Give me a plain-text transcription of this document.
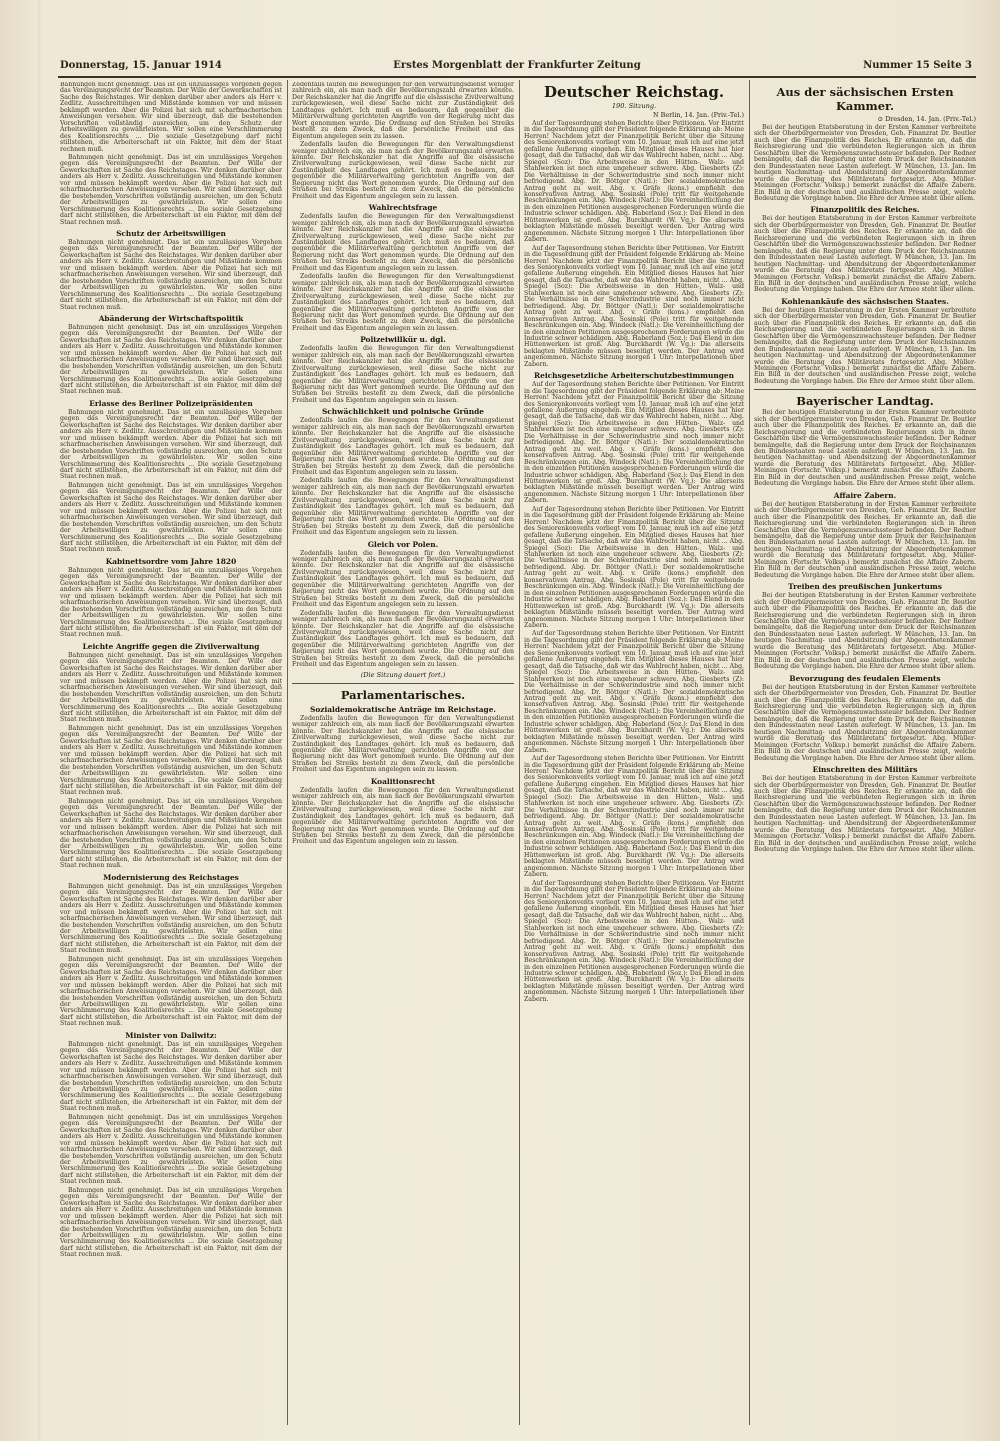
Donnerstag, 15. Januar 1914	Erstes Morgenblatt der Frankfurter Zeitung	Nummer 15 Seite 3

Bahnungen nicht genehmigt. Das ist ein unzulässiges Vorgehen gegen das Vereinigungsrecht der Beamten. Der Wille der Gewerkschaften ist Sache des Reichstages. Wir denken darüber aber anders als Herr v. Zedlitz. Ausschreitungen und Mißstände kommen vor und müssen bekämpft werden. Aber die Polizei hat sich mit scharfmacherischen Anweisungen versehen. Wir sind überzeugt, daß die bestehenden Vorschriften vollständig ausreichen, um den Schutz der Arbeitswilligen zu gewährleisten. Wir sollen eine Verschlimmerung des Koalitionsrechts ... Die soziale Gesetzgebung darf nicht stillstehen, die Arbeiterschaft ist ein Faktor, mit dem der Staat rechnen muß.

Bahnungen nicht genehmigt. Das ist ein unzulässiges Vorgehen gegen das Vereinigungsrecht der Beamten. Der Wille der Gewerkschaften ist Sache des Reichstages. Wir denken darüber aber anders als Herr v. Zedlitz. Ausschreitungen und Mißstände kommen vor und müssen bekämpft werden. Aber die Polizei hat sich mit scharfmacherischen Anweisungen versehen. Wir sind überzeugt, daß die bestehenden Vorschriften vollständig ausreichen, um den Schutz der Arbeitswilligen zu gewährleisten. Wir sollen eine Verschlimmerung des Koalitionsrechts ... Die soziale Gesetzgebung darf nicht stillstehen, die Arbeiterschaft ist ein Faktor, mit dem der Staat rechnen muß.

Schutz der Arbeitswilligen

Bahnungen nicht genehmigt. Das ist ein unzulässiges Vorgehen gegen das Vereinigungsrecht der Beamten. Der Wille der Gewerkschaften ist Sache des Reichstages. Wir denken darüber aber anders als Herr v. Zedlitz. Ausschreitungen und Mißstände kommen vor und müssen bekämpft werden. Aber die Polizei hat sich mit scharfmacherischen Anweisungen versehen. Wir sind überzeugt, daß die bestehenden Vorschriften vollständig ausreichen, um den Schutz der Arbeitswilligen zu gewährleisten. Wir sollen eine Verschlimmerung des Koalitionsrechts ... Die soziale Gesetzgebung darf nicht stillstehen, die Arbeiterschaft ist ein Faktor, mit dem der Staat rechnen muß.

Abänderung der Wirtschaftspolitik

Bahnungen nicht genehmigt. Das ist ein unzulässiges Vorgehen gegen das Vereinigungsrecht der Beamten. Der Wille der Gewerkschaften ist Sache des Reichstages. Wir denken darüber aber anders als Herr v. Zedlitz. Ausschreitungen und Mißstände kommen vor und müssen bekämpft werden. Aber die Polizei hat sich mit scharfmacherischen Anweisungen versehen. Wir sind überzeugt, daß die bestehenden Vorschriften vollständig ausreichen, um den Schutz der Arbeitswilligen zu gewährleisten. Wir sollen eine Verschlimmerung des Koalitionsrechts ... Die soziale Gesetzgebung darf nicht stillstehen, die Arbeiterschaft ist ein Faktor, mit dem der Staat rechnen muß.

Erlasse des Berliner Polizeipräsidenten

Bahnungen nicht genehmigt. Das ist ein unzulässiges Vorgehen gegen das Vereinigungsrecht der Beamten. Der Wille der Gewerkschaften ist Sache des Reichstages. Wir denken darüber aber anders als Herr v. Zedlitz. Ausschreitungen und Mißstände kommen vor und müssen bekämpft werden. Aber die Polizei hat sich mit scharfmacherischen Anweisungen versehen. Wir sind überzeugt, daß die bestehenden Vorschriften vollständig ausreichen, um den Schutz der Arbeitswilligen zu gewährleisten. Wir sollen eine Verschlimmerung des Koalitionsrechts ... Die soziale Gesetzgebung darf nicht stillstehen, die Arbeiterschaft ist ein Faktor, mit dem der Staat rechnen muß.

Bahnungen nicht genehmigt. Das ist ein unzulässiges Vorgehen gegen das Vereinigungsrecht der Beamten. Der Wille der Gewerkschaften ist Sache des Reichstages. Wir denken darüber aber anders als Herr v. Zedlitz. Ausschreitungen und Mißstände kommen vor und müssen bekämpft werden. Aber die Polizei hat sich mit scharfmacherischen Anweisungen versehen. Wir sind überzeugt, daß die bestehenden Vorschriften vollständig ausreichen, um den Schutz der Arbeitswilligen zu gewährleisten. Wir sollen eine Verschlimmerung des Koalitionsrechts ... Die soziale Gesetzgebung darf nicht stillstehen, die Arbeiterschaft ist ein Faktor, mit dem der Staat rechnen muß.

Kabinettsordre vom Jahre 1820

Bahnungen nicht genehmigt. Das ist ein unzulässiges Vorgehen gegen das Vereinigungsrecht der Beamten. Der Wille der Gewerkschaften ist Sache des Reichstages. Wir denken darüber aber anders als Herr v. Zedlitz. Ausschreitungen und Mißstände kommen vor und müssen bekämpft werden. Aber die Polizei hat sich mit scharfmacherischen Anweisungen versehen. Wir sind überzeugt, daß die bestehenden Vorschriften vollständig ausreichen, um den Schutz der Arbeitswilligen zu gewährleisten. Wir sollen eine Verschlimmerung des Koalitionsrechts ... Die soziale Gesetzgebung darf nicht stillstehen, die Arbeiterschaft ist ein Faktor, mit dem der Staat rechnen muß.

Leichte Angriffe gegen die Zivilverwaltung

Bahnungen nicht genehmigt. Das ist ein unzulässiges Vorgehen gegen das Vereinigungsrecht der Beamten. Der Wille der Gewerkschaften ist Sache des Reichstages. Wir denken darüber aber anders als Herr v. Zedlitz. Ausschreitungen und Mißstände kommen vor und müssen bekämpft werden. Aber die Polizei hat sich mit scharfmacherischen Anweisungen versehen. Wir sind überzeugt, daß die bestehenden Vorschriften vollständig ausreichen, um den Schutz der Arbeitswilligen zu gewährleisten. Wir sollen eine Verschlimmerung des Koalitionsrechts ... Die soziale Gesetzgebung darf nicht stillstehen, die Arbeiterschaft ist ein Faktor, mit dem der Staat rechnen muß.

Bahnungen nicht genehmigt. Das ist ein unzulässiges Vorgehen gegen das Vereinigungsrecht der Beamten. Der Wille der Gewerkschaften ist Sache des Reichstages. Wir denken darüber aber anders als Herr v. Zedlitz. Ausschreitungen und Mißstände kommen vor und müssen bekämpft werden. Aber die Polizei hat sich mit scharfmacherischen Anweisungen versehen. Wir sind überzeugt, daß die bestehenden Vorschriften vollständig ausreichen, um den Schutz der Arbeitswilligen zu gewährleisten. Wir sollen eine Verschlimmerung des Koalitionsrechts ... Die soziale Gesetzgebung darf nicht stillstehen, die Arbeiterschaft ist ein Faktor, mit dem der Staat rechnen muß.

Bahnungen nicht genehmigt. Das ist ein unzulässiges Vorgehen gegen das Vereinigungsrecht der Beamten. Der Wille der Gewerkschaften ist Sache des Reichstages. Wir denken darüber aber anders als Herr v. Zedlitz. Ausschreitungen und Mißstände kommen vor und müssen bekämpft werden. Aber die Polizei hat sich mit scharfmacherischen Anweisungen versehen. Wir sind überzeugt, daß die bestehenden Vorschriften vollständig ausreichen, um den Schutz der Arbeitswilligen zu gewährleisten. Wir sollen eine Verschlimmerung des Koalitionsrechts ... Die soziale Gesetzgebung darf nicht stillstehen, die Arbeiterschaft ist ein Faktor, mit dem der Staat rechnen muß.

Modernisierung des Reichstages

Bahnungen nicht genehmigt. Das ist ein unzulässiges Vorgehen gegen das Vereinigungsrecht der Beamten. Der Wille der Gewerkschaften ist Sache des Reichstages. Wir denken darüber aber anders als Herr v. Zedlitz. Ausschreitungen und Mißstände kommen vor und müssen bekämpft werden. Aber die Polizei hat sich mit scharfmacherischen Anweisungen versehen. Wir sind überzeugt, daß die bestehenden Vorschriften vollständig ausreichen, um den Schutz der Arbeitswilligen zu gewährleisten. Wir sollen eine Verschlimmerung des Koalitionsrechts ... Die soziale Gesetzgebung darf nicht stillstehen, die Arbeiterschaft ist ein Faktor, mit dem der Staat rechnen muß.

Bahnungen nicht genehmigt. Das ist ein unzulässiges Vorgehen gegen das Vereinigungsrecht der Beamten. Der Wille der Gewerkschaften ist Sache des Reichstages. Wir denken darüber aber anders als Herr v. Zedlitz. Ausschreitungen und Mißstände kommen vor und müssen bekämpft werden. Aber die Polizei hat sich mit scharfmacherischen Anweisungen versehen. Wir sind überzeugt, daß die bestehenden Vorschriften vollständig ausreichen, um den Schutz der Arbeitswilligen zu gewährleisten. Wir sollen eine Verschlimmerung des Koalitionsrechts ... Die soziale Gesetzgebung darf nicht stillstehen, die Arbeiterschaft ist ein Faktor, mit dem der Staat rechnen muß.

Minister von Dallwitz:

Bahnungen nicht genehmigt. Das ist ein unzulässiges Vorgehen gegen das Vereinigungsrecht der Beamten. Der Wille der Gewerkschaften ist Sache des Reichstages. Wir denken darüber aber anders als Herr v. Zedlitz. Ausschreitungen und Mißstände kommen vor und müssen bekämpft werden. Aber die Polizei hat sich mit scharfmacherischen Anweisungen versehen. Wir sind überzeugt, daß die bestehenden Vorschriften vollständig ausreichen, um den Schutz der Arbeitswilligen zu gewährleisten. Wir sollen eine Verschlimmerung des Koalitionsrechts ... Die soziale Gesetzgebung darf nicht stillstehen, die Arbeiterschaft ist ein Faktor, mit dem der Staat rechnen muß.

Bahnungen nicht genehmigt. Das ist ein unzulässiges Vorgehen gegen das Vereinigungsrecht der Beamten. Der Wille der Gewerkschaften ist Sache des Reichstages. Wir denken darüber aber anders als Herr v. Zedlitz. Ausschreitungen und Mißstände kommen vor und müssen bekämpft werden. Aber die Polizei hat sich mit scharfmacherischen Anweisungen versehen. Wir sind überzeugt, daß die bestehenden Vorschriften vollständig ausreichen, um den Schutz der Arbeitswilligen zu gewährleisten. Wir sollen eine Verschlimmerung des Koalitionsrechts ... Die soziale Gesetzgebung darf nicht stillstehen, die Arbeiterschaft ist ein Faktor, mit dem der Staat rechnen muß.

Bahnungen nicht genehmigt. Das ist ein unzulässiges Vorgehen gegen das Vereinigungsrecht der Beamten. Der Wille der Gewerkschaften ist Sache des Reichstages. Wir denken darüber aber anders als Herr v. Zedlitz. Ausschreitungen und Mißstände kommen vor und müssen bekämpft werden. Aber die Polizei hat sich mit scharfmacherischen Anweisungen versehen. Wir sind überzeugt, daß die bestehenden Vorschriften vollständig ausreichen, um den Schutz der Arbeitswilligen zu gewährleisten. Wir sollen eine Verschlimmerung des Koalitionsrechts ... Die soziale Gesetzgebung darf nicht stillstehen, die Arbeiterschaft ist ein Faktor, mit dem der Staat rechnen muß.

Zedenfalls laufen die Bewegungen für den Verwaltungsdienst weniger zahlreich ein, als man nach der Bevölkerungszahl erwarten könnte. Der Reichskanzler hat die Angriffe auf die elsässische Zivilverwaltung zurückgewiesen, weil diese Sache nicht zur Zuständigkeit des Landtages gehört. Ich muß es bedauern, daß gegenüber die Militärverwaltung gerichteten Angriffe von der Regierung nicht das Wort genommen wurde. Die Ordnung auf den Straßen bei Streiks besteht zu dem Zweck, daß die persönliche Freiheit und das Eigentum angelegen sein zu lassen.

Zedenfalls laufen die Bewegungen für den Verwaltungsdienst weniger zahlreich ein, als man nach der Bevölkerungszahl erwarten könnte. Der Reichskanzler hat die Angriffe auf die elsässische Zivilverwaltung zurückgewiesen, weil diese Sache nicht zur Zuständigkeit des Landtages gehört. Ich muß es bedauern, daß gegenüber die Militärverwaltung gerichteten Angriffe von der Regierung nicht das Wort genommen wurde. Die Ordnung auf den Straßen bei Streiks besteht zu dem Zweck, daß die persönliche Freiheit und das Eigentum angelegen sein zu lassen.

Wahlrechtsfrage

Zedenfalls laufen die Bewegungen für den Verwaltungsdienst weniger zahlreich ein, als man nach der Bevölkerungszahl erwarten könnte. Der Reichskanzler hat die Angriffe auf die elsässische Zivilverwaltung zurückgewiesen, weil diese Sache nicht zur Zuständigkeit des Landtages gehört. Ich muß es bedauern, daß gegenüber die Militärverwaltung gerichteten Angriffe von der Regierung nicht das Wort genommen wurde. Die Ordnung auf den Straßen bei Streiks besteht zu dem Zweck, daß die persönliche Freiheit und das Eigentum angelegen sein zu lassen.

Zedenfalls laufen die Bewegungen für den Verwaltungsdienst weniger zahlreich ein, als man nach der Bevölkerungszahl erwarten könnte. Der Reichskanzler hat die Angriffe auf die elsässische Zivilverwaltung zurückgewiesen, weil diese Sache nicht zur Zuständigkeit des Landtages gehört. Ich muß es bedauern, daß gegenüber die Militärverwaltung gerichteten Angriffe von der Regierung nicht das Wort genommen wurde. Die Ordnung auf den Straßen bei Streiks besteht zu dem Zweck, daß die persönliche Freiheit und das Eigentum angelegen sein zu lassen.

Polizeiwillkür u. dgl.

Zedenfalls laufen die Bewegungen für den Verwaltungsdienst weniger zahlreich ein, als man nach der Bevölkerungszahl erwarten könnte. Der Reichskanzler hat die Angriffe auf die elsässische Zivilverwaltung zurückgewiesen, weil diese Sache nicht zur Zuständigkeit des Landtages gehört. Ich muß es bedauern, daß gegenüber die Militärverwaltung gerichteten Angriffe von der Regierung nicht das Wort genommen wurde. Die Ordnung auf den Straßen bei Streiks besteht zu dem Zweck, daß die persönliche Freiheit und das Eigentum angelegen sein zu lassen.

Schwächlichkeit und polnische Gründe

Zedenfalls laufen die Bewegungen für den Verwaltungsdienst weniger zahlreich ein, als man nach der Bevölkerungszahl erwarten könnte. Der Reichskanzler hat die Angriffe auf die elsässische Zivilverwaltung zurückgewiesen, weil diese Sache nicht zur Zuständigkeit des Landtages gehört. Ich muß es bedauern, daß gegenüber die Militärverwaltung gerichteten Angriffe von der Regierung nicht das Wort genommen wurde. Die Ordnung auf den Straßen bei Streiks besteht zu dem Zweck, daß die persönliche Freiheit und das Eigentum angelegen sein zu lassen.

Zedenfalls laufen die Bewegungen für den Verwaltungsdienst weniger zahlreich ein, als man nach der Bevölkerungszahl erwarten könnte. Der Reichskanzler hat die Angriffe auf die elsässische Zivilverwaltung zurückgewiesen, weil diese Sache nicht zur Zuständigkeit des Landtages gehört. Ich muß es bedauern, daß gegenüber die Militärverwaltung gerichteten Angriffe von der Regierung nicht das Wort genommen wurde. Die Ordnung auf den Straßen bei Streiks besteht zu dem Zweck, daß die persönliche Freiheit und das Eigentum angelegen sein zu lassen.

Gleich vor Polen.

Zedenfalls laufen die Bewegungen für den Verwaltungsdienst weniger zahlreich ein, als man nach der Bevölkerungszahl erwarten könnte. Der Reichskanzler hat die Angriffe auf die elsässische Zivilverwaltung zurückgewiesen, weil diese Sache nicht zur Zuständigkeit des Landtages gehört. Ich muß es bedauern, daß gegenüber die Militärverwaltung gerichteten Angriffe von der Regierung nicht das Wort genommen wurde. Die Ordnung auf den Straßen bei Streiks besteht zu dem Zweck, daß die persönliche Freiheit und das Eigentum angelegen sein zu lassen.

Zedenfalls laufen die Bewegungen für den Verwaltungsdienst weniger zahlreich ein, als man nach der Bevölkerungszahl erwarten könnte. Der Reichskanzler hat die Angriffe auf die elsässische Zivilverwaltung zurückgewiesen, weil diese Sache nicht zur Zuständigkeit des Landtages gehört. Ich muß es bedauern, daß gegenüber die Militärverwaltung gerichteten Angriffe von der Regierung nicht das Wort genommen wurde. Die Ordnung auf den Straßen bei Streiks besteht zu dem Zweck, daß die persönliche Freiheit und das Eigentum angelegen sein zu lassen.

(Die Sitzung dauert fort.)
Parlamentarisches.
Sozialdemokratische Anträge im Reichstage.

Zedenfalls laufen die Bewegungen für den Verwaltungsdienst weniger zahlreich ein, als man nach der Bevölkerungszahl erwarten könnte. Der Reichskanzler hat die Angriffe auf die elsässische Zivilverwaltung zurückgewiesen, weil diese Sache nicht zur Zuständigkeit des Landtages gehört. Ich muß es bedauern, daß gegenüber die Militärverwaltung gerichteten Angriffe von der Regierung nicht das Wort genommen wurde. Die Ordnung auf den Straßen bei Streiks besteht zu dem Zweck, daß die persönliche Freiheit und das Eigentum angelegen sein zu lassen.

Koalitionsrecht

Zedenfalls laufen die Bewegungen für den Verwaltungsdienst weniger zahlreich ein, als man nach der Bevölkerungszahl erwarten könnte. Der Reichskanzler hat die Angriffe auf die elsässische Zivilverwaltung zurückgewiesen, weil diese Sache nicht zur Zuständigkeit des Landtages gehört. Ich muß es bedauern, daß gegenüber die Militärverwaltung gerichteten Angriffe von der Regierung nicht das Wort genommen wurde. Die Ordnung auf den Straßen bei Streiks besteht zu dem Zweck, daß die persönliche Freiheit und das Eigentum angelegen sein zu lassen.

Deutscher Reichstag.
190. Sitzung.
N Berlin, 14. Jan. (Priv.-Tel.)

Auf der Tagesordnung stehen Berichte über Petitionen. Vor Eintritt in die Tagesordnung gibt der Präsident folgende Erklärung ab: Meine Herren! Nachdem jetzt der Finanzpolitik Bericht über die Sitzung des Seniorenkonvents vorliegt vom 10. Januar, muß ich auf eine jetzt gefallene Äußerung eingehen. Ein Mitglied dieses Hauses hat hier gesagt, daß die Tatsache, daß wir das Wahlrecht haben, nicht ... Abg. Spiegel (Soz): Die Arbeitsweise in den Hütten-, Walz- und Stahlwerken ist noch eine ungeheuer schwere. Abg. Giesberts (Z): Die Verhältnisse in der Schwerindustrie sind noch immer nicht befriedigend. Abg. Dr. Böttger (Natl.): Der sozialdemokratische Antrag geht zu weit. Abg. v. Gräfe (kons.) empfiehlt den konservativen Antrag. Abg. Sosinski (Pole) tritt für weitgehende Beschränkungen ein. Abg. Windeck (Natl.): Die Vereinheitlichung der in den einzelnen Petitionen ausgesprochenen Forderungen würde die Industrie schwer schädigen. Abg. Haberland (Soz.): Das Elend in den Hüttenwerken ist groß. Abg. Burckhardt (W. Vg.): Die allerseits beklagten Mißstände müssen beseitigt werden. Der Antrag wird angenommen. Nächste Sitzung morgen 1 Uhr: Interpellationen über Zabern.

Auf der Tagesordnung stehen Berichte über Petitionen. Vor Eintritt in die Tagesordnung gibt der Präsident folgende Erklärung ab: Meine Herren! Nachdem jetzt der Finanzpolitik Bericht über die Sitzung des Seniorenkonvents vorliegt vom 10. Januar, muß ich auf eine jetzt gefallene Äußerung eingehen. Ein Mitglied dieses Hauses hat hier gesagt, daß die Tatsache, daß wir das Wahlrecht haben, nicht ... Abg. Spiegel (Soz): Die Arbeitsweise in den Hütten-, Walz- und Stahlwerken ist noch eine ungeheuer schwere. Abg. Giesberts (Z): Die Verhältnisse in der Schwerindustrie sind noch immer nicht befriedigend. Abg. Dr. Böttger (Natl.): Der sozialdemokratische Antrag geht zu weit. Abg. v. Gräfe (kons.) empfiehlt den konservativen Antrag. Abg. Sosinski (Pole) tritt für weitgehende Beschränkungen ein. Abg. Windeck (Natl.): Die Vereinheitlichung der in den einzelnen Petitionen ausgesprochenen Forderungen würde die Industrie schwer schädigen. Abg. Haberland (Soz.): Das Elend in den Hüttenwerken ist groß. Abg. Burckhardt (W. Vg.): Die allerseits beklagten Mißstände müssen beseitigt werden. Der Antrag wird angenommen. Nächste Sitzung morgen 1 Uhr: Interpellationen über Zabern.

Reichsgesetzliche Arbeiterschutzbestimmungen

Auf der Tagesordnung stehen Berichte über Petitionen. Vor Eintritt in die Tagesordnung gibt der Präsident folgende Erklärung ab: Meine Herren! Nachdem jetzt der Finanzpolitik Bericht über die Sitzung des Seniorenkonvents vorliegt vom 10. Januar, muß ich auf eine jetzt gefallene Äußerung eingehen. Ein Mitglied dieses Hauses hat hier gesagt, daß die Tatsache, daß wir das Wahlrecht haben, nicht ... Abg. Spiegel (Soz): Die Arbeitsweise in den Hütten-, Walz- und Stahlwerken ist noch eine ungeheuer schwere. Abg. Giesberts (Z): Die Verhältnisse in der Schwerindustrie sind noch immer nicht befriedigend. Abg. Dr. Böttger (Natl.): Der sozialdemokratische Antrag geht zu weit. Abg. v. Gräfe (kons.) empfiehlt den konservativen Antrag. Abg. Sosinski (Pole) tritt für weitgehende Beschränkungen ein. Abg. Windeck (Natl.): Die Vereinheitlichung der in den einzelnen Petitionen ausgesprochenen Forderungen würde die Industrie schwer schädigen. Abg. Haberland (Soz.): Das Elend in den Hüttenwerken ist groß. Abg. Burckhardt (W. Vg.): Die allerseits beklagten Mißstände müssen beseitigt werden. Der Antrag wird angenommen. Nächste Sitzung morgen 1 Uhr: Interpellationen über Zabern.

Auf der Tagesordnung stehen Berichte über Petitionen. Vor Eintritt in die Tagesordnung gibt der Präsident folgende Erklärung ab: Meine Herren! Nachdem jetzt der Finanzpolitik Bericht über die Sitzung des Seniorenkonvents vorliegt vom 10. Januar, muß ich auf eine jetzt gefallene Äußerung eingehen. Ein Mitglied dieses Hauses hat hier gesagt, daß die Tatsache, daß wir das Wahlrecht haben, nicht ... Abg. Spiegel (Soz): Die Arbeitsweise in den Hütten-, Walz- und Stahlwerken ist noch eine ungeheuer schwere. Abg. Giesberts (Z): Die Verhältnisse in der Schwerindustrie sind noch immer nicht befriedigend. Abg. Dr. Böttger (Natl.): Der sozialdemokratische Antrag geht zu weit. Abg. v. Gräfe (kons.) empfiehlt den konservativen Antrag. Abg. Sosinski (Pole) tritt für weitgehende Beschränkungen ein. Abg. Windeck (Natl.): Die Vereinheitlichung der in den einzelnen Petitionen ausgesprochenen Forderungen würde die Industrie schwer schädigen. Abg. Haberland (Soz.): Das Elend in den Hüttenwerken ist groß. Abg. Burckhardt (W. Vg.): Die allerseits beklagten Mißstände müssen beseitigt werden. Der Antrag wird angenommen. Nächste Sitzung morgen 1 Uhr: Interpellationen über Zabern.

Auf der Tagesordnung stehen Berichte über Petitionen. Vor Eintritt in die Tagesordnung gibt der Präsident folgende Erklärung ab: Meine Herren! Nachdem jetzt der Finanzpolitik Bericht über die Sitzung des Seniorenkonvents vorliegt vom 10. Januar, muß ich auf eine jetzt gefallene Äußerung eingehen. Ein Mitglied dieses Hauses hat hier gesagt, daß die Tatsache, daß wir das Wahlrecht haben, nicht ... Abg. Spiegel (Soz): Die Arbeitsweise in den Hütten-, Walz- und Stahlwerken ist noch eine ungeheuer schwere. Abg. Giesberts (Z): Die Verhältnisse in der Schwerindustrie sind noch immer nicht befriedigend. Abg. Dr. Böttger (Natl.): Der sozialdemokratische Antrag geht zu weit. Abg. v. Gräfe (kons.) empfiehlt den konservativen Antrag. Abg. Sosinski (Pole) tritt für weitgehende Beschränkungen ein. Abg. Windeck (Natl.): Die Vereinheitlichung der in den einzelnen Petitionen ausgesprochenen Forderungen würde die Industrie schwer schädigen. Abg. Haberland (Soz.): Das Elend in den Hüttenwerken ist groß. Abg. Burckhardt (W. Vg.): Die allerseits beklagten Mißstände müssen beseitigt werden. Der Antrag wird angenommen. Nächste Sitzung morgen 1 Uhr: Interpellationen über Zabern.

Auf der Tagesordnung stehen Berichte über Petitionen. Vor Eintritt in die Tagesordnung gibt der Präsident folgende Erklärung ab: Meine Herren! Nachdem jetzt der Finanzpolitik Bericht über die Sitzung des Seniorenkonvents vorliegt vom 10. Januar, muß ich auf eine jetzt gefallene Äußerung eingehen. Ein Mitglied dieses Hauses hat hier gesagt, daß die Tatsache, daß wir das Wahlrecht haben, nicht ... Abg. Spiegel (Soz): Die Arbeitsweise in den Hütten-, Walz- und Stahlwerken ist noch eine ungeheuer schwere. Abg. Giesberts (Z): Die Verhältnisse in der Schwerindustrie sind noch immer nicht befriedigend. Abg. Dr. Böttger (Natl.): Der sozialdemokratische Antrag geht zu weit. Abg. v. Gräfe (kons.) empfiehlt den konservativen Antrag. Abg. Sosinski (Pole) tritt für weitgehende Beschränkungen ein. Abg. Windeck (Natl.): Die Vereinheitlichung der in den einzelnen Petitionen ausgesprochenen Forderungen würde die Industrie schwer schädigen. Abg. Haberland (Soz.): Das Elend in den Hüttenwerken ist groß. Abg. Burckhardt (W. Vg.): Die allerseits beklagten Mißstände müssen beseitigt werden. Der Antrag wird angenommen. Nächste Sitzung morgen 1 Uhr: Interpellationen über Zabern.

Auf der Tagesordnung stehen Berichte über Petitionen. Vor Eintritt in die Tagesordnung gibt der Präsident folgende Erklärung ab: Meine Herren! Nachdem jetzt der Finanzpolitik Bericht über die Sitzung des Seniorenkonvents vorliegt vom 10. Januar, muß ich auf eine jetzt gefallene Äußerung eingehen. Ein Mitglied dieses Hauses hat hier gesagt, daß die Tatsache, daß wir das Wahlrecht haben, nicht ... Abg. Spiegel (Soz): Die Arbeitsweise in den Hütten-, Walz- und Stahlwerken ist noch eine ungeheuer schwere. Abg. Giesberts (Z): Die Verhältnisse in der Schwerindustrie sind noch immer nicht befriedigend. Abg. Dr. Böttger (Natl.): Der sozialdemokratische Antrag geht zu weit. Abg. v. Gräfe (kons.) empfiehlt den konservativen Antrag. Abg. Sosinski (Pole) tritt für weitgehende Beschränkungen ein. Abg. Windeck (Natl.): Die Vereinheitlichung der in den einzelnen Petitionen ausgesprochenen Forderungen würde die Industrie schwer schädigen. Abg. Haberland (Soz.): Das Elend in den Hüttenwerken ist groß. Abg. Burckhardt (W. Vg.): Die allerseits beklagten Mißstände müssen beseitigt werden. Der Antrag wird angenommen. Nächste Sitzung morgen 1 Uhr: Interpellationen über Zabern.

Aus der sächsischen Ersten Kammer.
⊙ Dresden, 14. Jan. (Priv.-Tel.)

Bei der heutigen Etatsberatung in der Ersten Kammer verbreitete sich der Oberbürgermeister von Dresden, Geh. Finanzrat Dr. Beutler auch über die Finanzpolitik des Reiches. Er erkannte an, daß die Reichsregierung und die verbündeten Regierungen sich in ihren Geschäften über die Vermögenszuwachssteuer befanden. Der Redner bemängelte, daß die Regierung unter dem Druck der Reichsinanzen den Bundesstaaten neue Lasten auferlegt. W München, 13. Jan. Im heutigen Nachmittag- und Abendsitzung der Abgeordnetenkammer wurde die Beratung des Militäretats fortgesetzt. Abg. Müller-Meiningen (Fortschr. Volksp.) bemerkt zunächst die Affaire Zabern. Ein Bild in der deutschen und ausländischen Presse zeigt, welche Bedeutung die Vorgänge haben. Die Ehre der Armee steht über allem.

Finanzpolitik des Reiches.

Bei der heutigen Etatsberatung in der Ersten Kammer verbreitete sich der Oberbürgermeister von Dresden, Geh. Finanzrat Dr. Beutler auch über die Finanzpolitik des Reiches. Er erkannte an, daß die Reichsregierung und die verbündeten Regierungen sich in ihren Geschäften über die Vermögenszuwachssteuer befanden. Der Redner bemängelte, daß die Regierung unter dem Druck der Reichsinanzen den Bundesstaaten neue Lasten auferlegt. W München, 13. Jan. Im heutigen Nachmittag- und Abendsitzung der Abgeordnetenkammer wurde die Beratung des Militäretats fortgesetzt. Abg. Müller-Meiningen (Fortschr. Volksp.) bemerkt zunächst die Affaire Zabern. Ein Bild in der deutschen und ausländischen Presse zeigt, welche Bedeutung die Vorgänge haben. Die Ehre der Armee steht über allem.

Kohlenankäufe des sächsischen Staates.

Bei der heutigen Etatsberatung in der Ersten Kammer verbreitete sich der Oberbürgermeister von Dresden, Geh. Finanzrat Dr. Beutler auch über die Finanzpolitik des Reiches. Er erkannte an, daß die Reichsregierung und die verbündeten Regierungen sich in ihren Geschäften über die Vermögenszuwachssteuer befanden. Der Redner bemängelte, daß die Regierung unter dem Druck der Reichsinanzen den Bundesstaaten neue Lasten auferlegt. W München, 13. Jan. Im heutigen Nachmittag- und Abendsitzung der Abgeordnetenkammer wurde die Beratung des Militäretats fortgesetzt. Abg. Müller-Meiningen (Fortschr. Volksp.) bemerkt zunächst die Affaire Zabern. Ein Bild in der deutschen und ausländischen Presse zeigt, welche Bedeutung die Vorgänge haben. Die Ehre der Armee steht über allem.

Bayerischer Landtag.

Bei der heutigen Etatsberatung in der Ersten Kammer verbreitete sich der Oberbürgermeister von Dresden, Geh. Finanzrat Dr. Beutler auch über die Finanzpolitik des Reiches. Er erkannte an, daß die Reichsregierung und die verbündeten Regierungen sich in ihren Geschäften über die Vermögenszuwachssteuer befanden. Der Redner bemängelte, daß die Regierung unter dem Druck der Reichsinanzen den Bundesstaaten neue Lasten auferlegt. W München, 13. Jan. Im heutigen Nachmittag- und Abendsitzung der Abgeordnetenkammer wurde die Beratung des Militäretats fortgesetzt. Abg. Müller-Meiningen (Fortschr. Volksp.) bemerkt zunächst die Affaire Zabern. Ein Bild in der deutschen und ausländischen Presse zeigt, welche Bedeutung die Vorgänge haben. Die Ehre der Armee steht über allem.

Affaire Zabern.

Bei der heutigen Etatsberatung in der Ersten Kammer verbreitete sich der Oberbürgermeister von Dresden, Geh. Finanzrat Dr. Beutler auch über die Finanzpolitik des Reiches. Er erkannte an, daß die Reichsregierung und die verbündeten Regierungen sich in ihren Geschäften über die Vermögenszuwachssteuer befanden. Der Redner bemängelte, daß die Regierung unter dem Druck der Reichsinanzen den Bundesstaaten neue Lasten auferlegt. W München, 13. Jan. Im heutigen Nachmittag- und Abendsitzung der Abgeordnetenkammer wurde die Beratung des Militäretats fortgesetzt. Abg. Müller-Meiningen (Fortschr. Volksp.) bemerkt zunächst die Affaire Zabern. Ein Bild in der deutschen und ausländischen Presse zeigt, welche Bedeutung die Vorgänge haben. Die Ehre der Armee steht über allem.

Treiben des preußischen Junkertums

Bei der heutigen Etatsberatung in der Ersten Kammer verbreitete sich der Oberbürgermeister von Dresden, Geh. Finanzrat Dr. Beutler auch über die Finanzpolitik des Reiches. Er erkannte an, daß die Reichsregierung und die verbündeten Regierungen sich in ihren Geschäften über die Vermögenszuwachssteuer befanden. Der Redner bemängelte, daß die Regierung unter dem Druck der Reichsinanzen den Bundesstaaten neue Lasten auferlegt. W München, 13. Jan. Im heutigen Nachmittag- und Abendsitzung der Abgeordnetenkammer wurde die Beratung des Militäretats fortgesetzt. Abg. Müller-Meiningen (Fortschr. Volksp.) bemerkt zunächst die Affaire Zabern. Ein Bild in der deutschen und ausländischen Presse zeigt, welche Bedeutung die Vorgänge haben. Die Ehre der Armee steht über allem.

Bevorzugung des feudalen Elements

Bei der heutigen Etatsberatung in der Ersten Kammer verbreitete sich der Oberbürgermeister von Dresden, Geh. Finanzrat Dr. Beutler auch über die Finanzpolitik des Reiches. Er erkannte an, daß die Reichsregierung und die verbündeten Regierungen sich in ihren Geschäften über die Vermögenszuwachssteuer befanden. Der Redner bemängelte, daß die Regierung unter dem Druck der Reichsinanzen den Bundesstaaten neue Lasten auferlegt. W München, 13. Jan. Im heutigen Nachmittag- und Abendsitzung der Abgeordnetenkammer wurde die Beratung des Militäretats fortgesetzt. Abg. Müller-Meiningen (Fortschr. Volksp.) bemerkt zunächst die Affaire Zabern. Ein Bild in der deutschen und ausländischen Presse zeigt, welche Bedeutung die Vorgänge haben. Die Ehre der Armee steht über allem.

Einschreiten des Militärs

Bei der heutigen Etatsberatung in der Ersten Kammer verbreitete sich der Oberbürgermeister von Dresden, Geh. Finanzrat Dr. Beutler auch über die Finanzpolitik des Reiches. Er erkannte an, daß die Reichsregierung und die verbündeten Regierungen sich in ihren Geschäften über die Vermögenszuwachssteuer befanden. Der Redner bemängelte, daß die Regierung unter dem Druck der Reichsinanzen den Bundesstaaten neue Lasten auferlegt. W München, 13. Jan. Im heutigen Nachmittag- und Abendsitzung der Abgeordnetenkammer wurde die Beratung des Militäretats fortgesetzt. Abg. Müller-Meiningen (Fortschr. Volksp.) bemerkt zunächst die Affaire Zabern. Ein Bild in der deutschen und ausländischen Presse zeigt, welche Bedeutung die Vorgänge haben. Die Ehre der Armee steht über allem.
